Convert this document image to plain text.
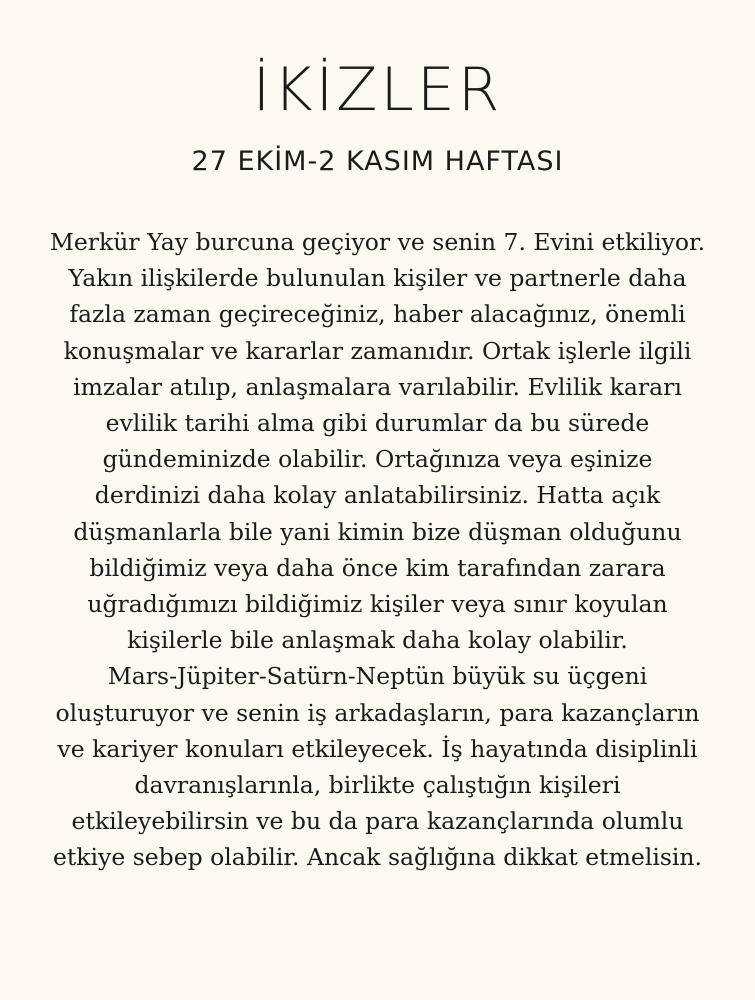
İKİZLER
27 EKİM-2 KASIM HAFTASI
Merkür Yay burcuna geçiyor ve senin 7. Evini etkiliyor.
Yakın ilişkilerde bulunulan kişiler ve partnerle daha
fazla zaman geçireceğiniz, haber alacağınız, önemli
konuşmalar ve kararlar zamanıdır. Ortak işlerle ilgili
imzalar atılıp, anlaşmalara varılabilir. Evlilik kararı
evlilik tarihi alma gibi durumlar da bu sürede
gündeminizde olabilir. Ortağınıza veya eşinize
derdinizi daha kolay anlatabilirsiniz. Hatta açık
düşmanlarla bile yani kimin bize düşman olduğunu
bildiğimiz veya daha önce kim tarafından zarara
uğradığımızı bildiğimiz kişiler veya sınır koyulan
kişilerle bile anlaşmak daha kolay olabilir.
Mars-Jüpiter-Satürn-Neptün büyük su üçgeni
oluşturuyor ve senin iş arkadaşların, para kazançların
ve kariyer konuları etkileyecek. İş hayatında disiplinli
davranışlarınla, birlikte çalıştığın kişileri
etkileyebilirsin ve bu da para kazançlarında olumlu
etkiye sebep olabilir. Ancak sağlığına dikkat etmelisin.
